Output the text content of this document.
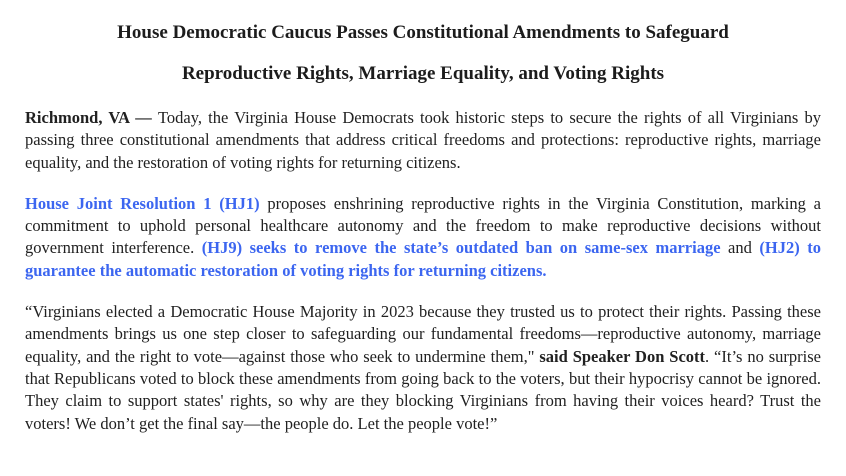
House Democratic Caucus Passes Constitutional Amendments to Safeguard
Reproductive Rights, Marriage Equality, and Voting Rights

Richmond, VA — Today, the Virginia House Democrats took historic steps to secure the rights of all Virginians by passing three constitutional amendments that address critical freedoms and protections: reproductive rights, marriage equality, and the restoration of voting rights for returning citizens.

House Joint Resolution 1 (HJ1) proposes enshrining reproductive rights in the Virginia Constitution, marking a commitment to uphold personal healthcare autonomy and the freedom to make reproductive decisions without government interference. (HJ9) seeks to remove the state’s outdated ban on same-sex marriage and (HJ2) to guarantee the automatic restoration of voting rights for returning citizens.

“Virginians elected a Democratic House Majority in 2023 because they trusted us to protect their rights. Passing these amendments brings us one step closer to safeguarding our fundamental freedoms—reproductive autonomy, marriage equality, and the right to vote—against those who seek to undermine them," said Speaker Don Scott. “It’s no surprise that Republicans voted to block these amendments from going back to the voters, but their hypocrisy cannot be ignored. They claim to support states' rights, so why are they blocking Virginians from having their voices heard? Trust the voters! We don’t get the final say—the people do. Let the people vote!”
